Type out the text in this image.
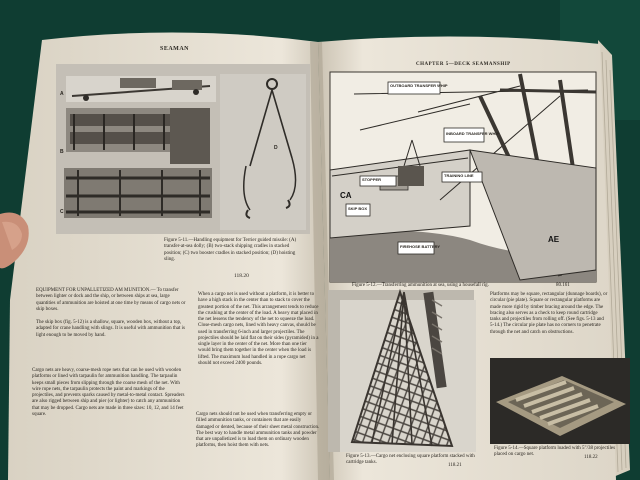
SEAMAN
CHAPTER 5—DECK SEAMANSHIP
A
B
C
D
Figure 5-11.—Handling equipment for Terrier guided missile: (A) transfer-at-sea dolly; (B) two-stack shipping cradles in stacked position; (C) two booster cradles in stacked position; (D) hoisting sling.
118.20
EQUIPMENT FOR UNPALLETIZED AM MUNITION.— To transfer between lighter or dock and the ship, or between ships at sea, large quantities of ammunition are hoisted at one time by means of cargo nets or skip boxes.
The skip box (fig. 5-12) is a shallow, square, wooden box, without a top, adapted for crane handling with slings. It is useful with ammunition that is light enough to be moved by hand.
Cargo nets are heavy, coarse-mesh rope nets that can be used with wooden platforms or lined with tarpaulin for ammunition handling. The tarpaulin keeps small pieces from slipping through the coarse mesh of the net. With wire rope nets, the tarpaulin protects the paint and markings of the projectiles, and prevents sparks caused by metal-to-metal contact. Spreaders are also rigged between ship and pier (or lighter) to catch any ammunition that may be dropped. Cargo nets are made in three sizes: 10, 12, and 14 feet square.
When a cargo net is used without a platform, it is better to have a high stack in the center than to stack to cover the greatest portion of the net. This arrangement tends to reduce the crushing at the center of the load. A heavy mat placed in the net lessens the tendency of the net to squeeze the load. Close-mesh cargo nets, lined with heavy canvas, should be used in transferring 6-inch and larger projectiles. The projectiles should be laid flat on their sides (pyramided) in a single layer in the center of the net. More than one tier would bring them together in the center when the load is lifted. The maximum load handled in a rope cargo net should not exceed 2400 pounds.
Cargo nets should not be used when transferring empty or filled ammunition tanks, or containers that are easily damaged or dented, because of their sheet metal construction. The best way to handle metal ammunition tanks and powder that are unpalletized is to load them on ordinary wooden platforms, then hoist them with nets.
OUTBOARD TRANSFER WHIP
INBOARD TRANSFER WHIP
STOPPER
SKIP BOX
TRAINING LINE
FIREHOSE BATTERY
CA
AE
Figure 5-12.—Transferring ammunition at sea, using a housefall rig.	80.161
Platforms may be square, rectangular (dunnage boards), or circular (pie plate). Square or rectangular platforms are made more rigid by timber bracing around the edge. The bracing also serves as a check to keep round cartridge tanks and projectiles from rolling off. (See figs. 5-13 and 5-14.) The circular pie plate has no corners to penetrate through the net and catch on obstructions.
Figure 5-13.—Cargo net enclosing square platform stacked with cartridge tanks.
118.21
Figure 5-14.—Square platform loaded with 5"/38 projectiles placed on cargo net.
118.22
